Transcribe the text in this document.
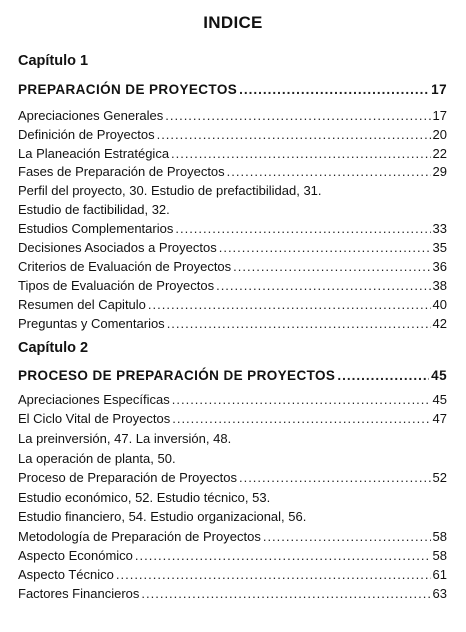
INDICE
Capítulo 1
PREPARACIÓN DE PROYECTOS .....	17
Apreciaciones Generales .....	17
Definición de Proyectos .....	20
La Planeación Estratégica .....	22
Fases de Preparación de Proyectos .....	29
Perfil del proyecto, 30. Estudio de prefactibilidad, 31.
Estudio de factibilidad, 32.
Estudios Complementarios .....	33
Decisiones Asociados a Proyectos .....	35
Criterios de Evaluación de Proyectos .....	36
Tipos de Evaluación de Proyectos .....	38
Resumen del Capitulo .....	40
Preguntas y Comentarios .....	42
Capítulo 2
PROCESO DE PREPARACIÓN DE PROYECTOS .....	45
Apreciaciones Específicas .....	45
El Ciclo Vital de Proyectos .....	47
La preinversión, 47. La inversión, 48.
La operación de planta, 50.
Proceso de Preparación de Proyectos .....	52
Estudio económico, 52. Estudio técnico, 53.
Estudio financiero, 54. Estudio organizacional, 56.
Metodología de Preparación de Proyectos .....	58
Aspecto Económico .....	58
Aspecto Técnico .....	61
Factores Financieros .....	63
